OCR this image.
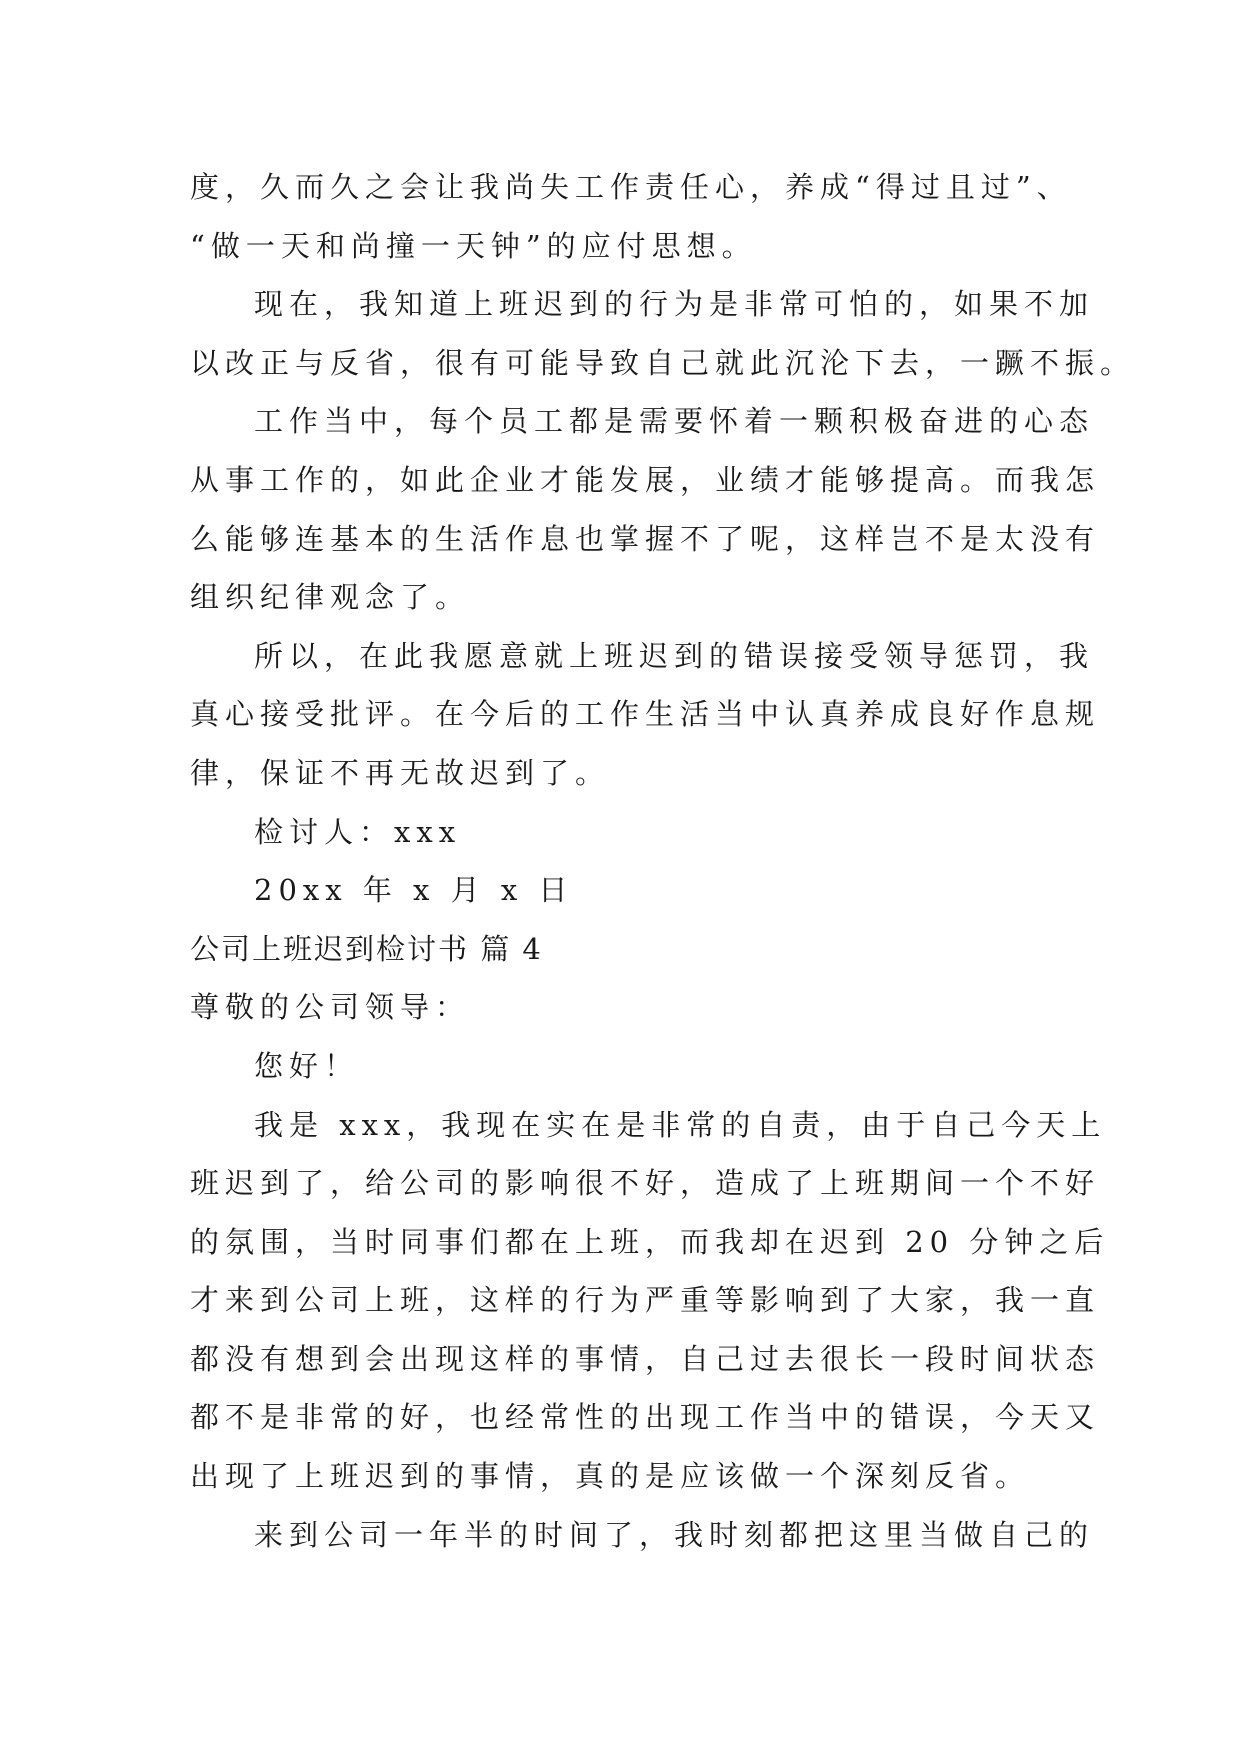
度，久而久之会让我尚失工作责任心，养成“得过且过”、
“做一天和尚撞一天钟”的应付思想。
现在，我知道上班迟到的行为是非常可怕的，如果不加
以改正与反省，很有可能导致自己就此沉沦下去，一蹶不振。
工作当中，每个员工都是需要怀着一颗积极奋进的心态
从事工作的，如此企业才能发展，业绩才能够提高。而我怎
么能够连基本的生活作息也掌握不了呢，这样岂不是太没有
组织纪律观念了。
所以，在此我愿意就上班迟到的错误接受领导惩罚，我
真心接受批评。在今后的工作生活当中认真养成良好作息规
律，保证不再无故迟到了。
检讨人：xxx
20xx 年 x 月 x 日
公司上班迟到检讨书 篇 4
尊敬的公司领导：
您好！
我是 xxx，我现在实在是非常的自责，由于自己今天上
班迟到了，给公司的影响很不好，造成了上班期间一个不好
的氛围，当时同事们都在上班，而我却在迟到 20 分钟之后
才来到公司上班，这样的行为严重等影响到了大家，我一直
都没有想到会出现这样的事情，自己过去很长一段时间状态
都不是非常的好，也经常性的出现工作当中的错误，今天又
出现了上班迟到的事情，真的是应该做一个深刻反省。
来到公司一年半的时间了，我时刻都把这里当做自己的
